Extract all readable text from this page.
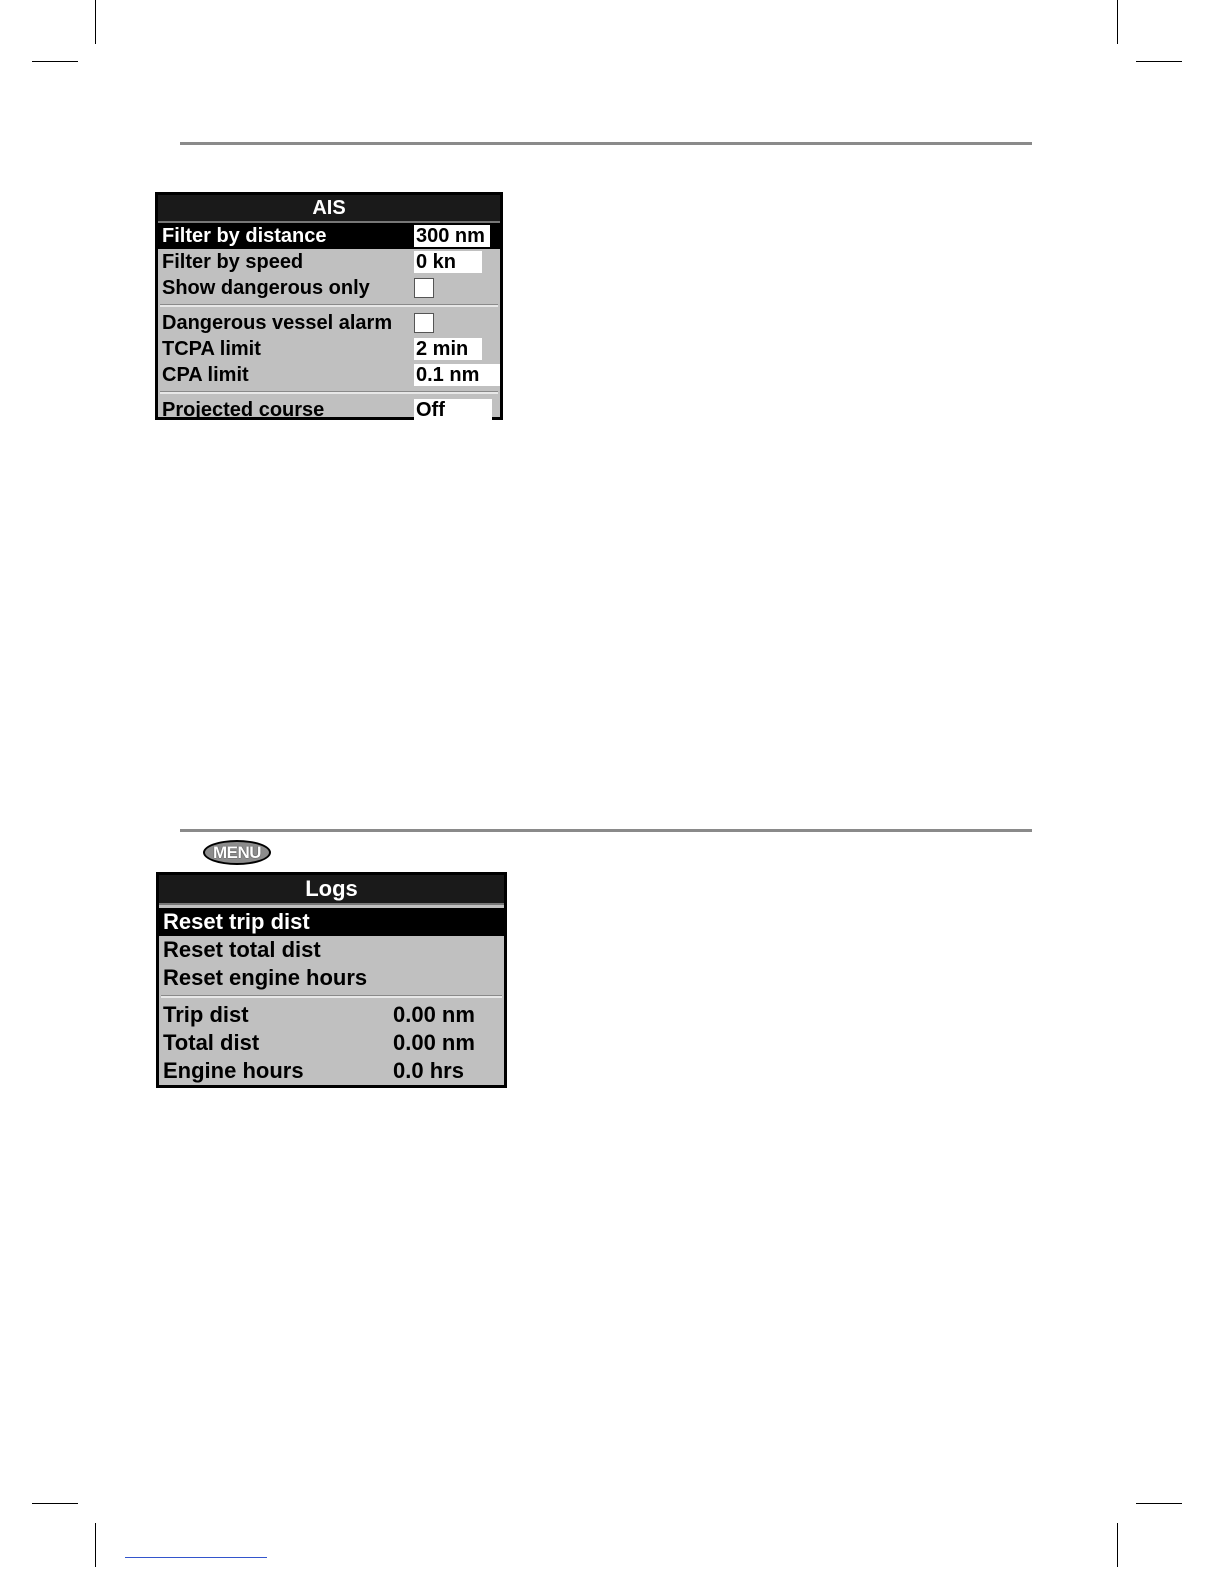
AIS
Filter by distance	300 nm
Filter by speed	0 kn
Show dangerous only
Dangerous vessel alarm
TCPA limit	2 min
CPA limit	0.1 nm
Projected course	Off
MENU
Logs
Reset trip dist
Reset total dist
Reset engine hours
Trip dist	0.00 nm
Total dist	0.00 nm
Engine hours	0.0 hrs
